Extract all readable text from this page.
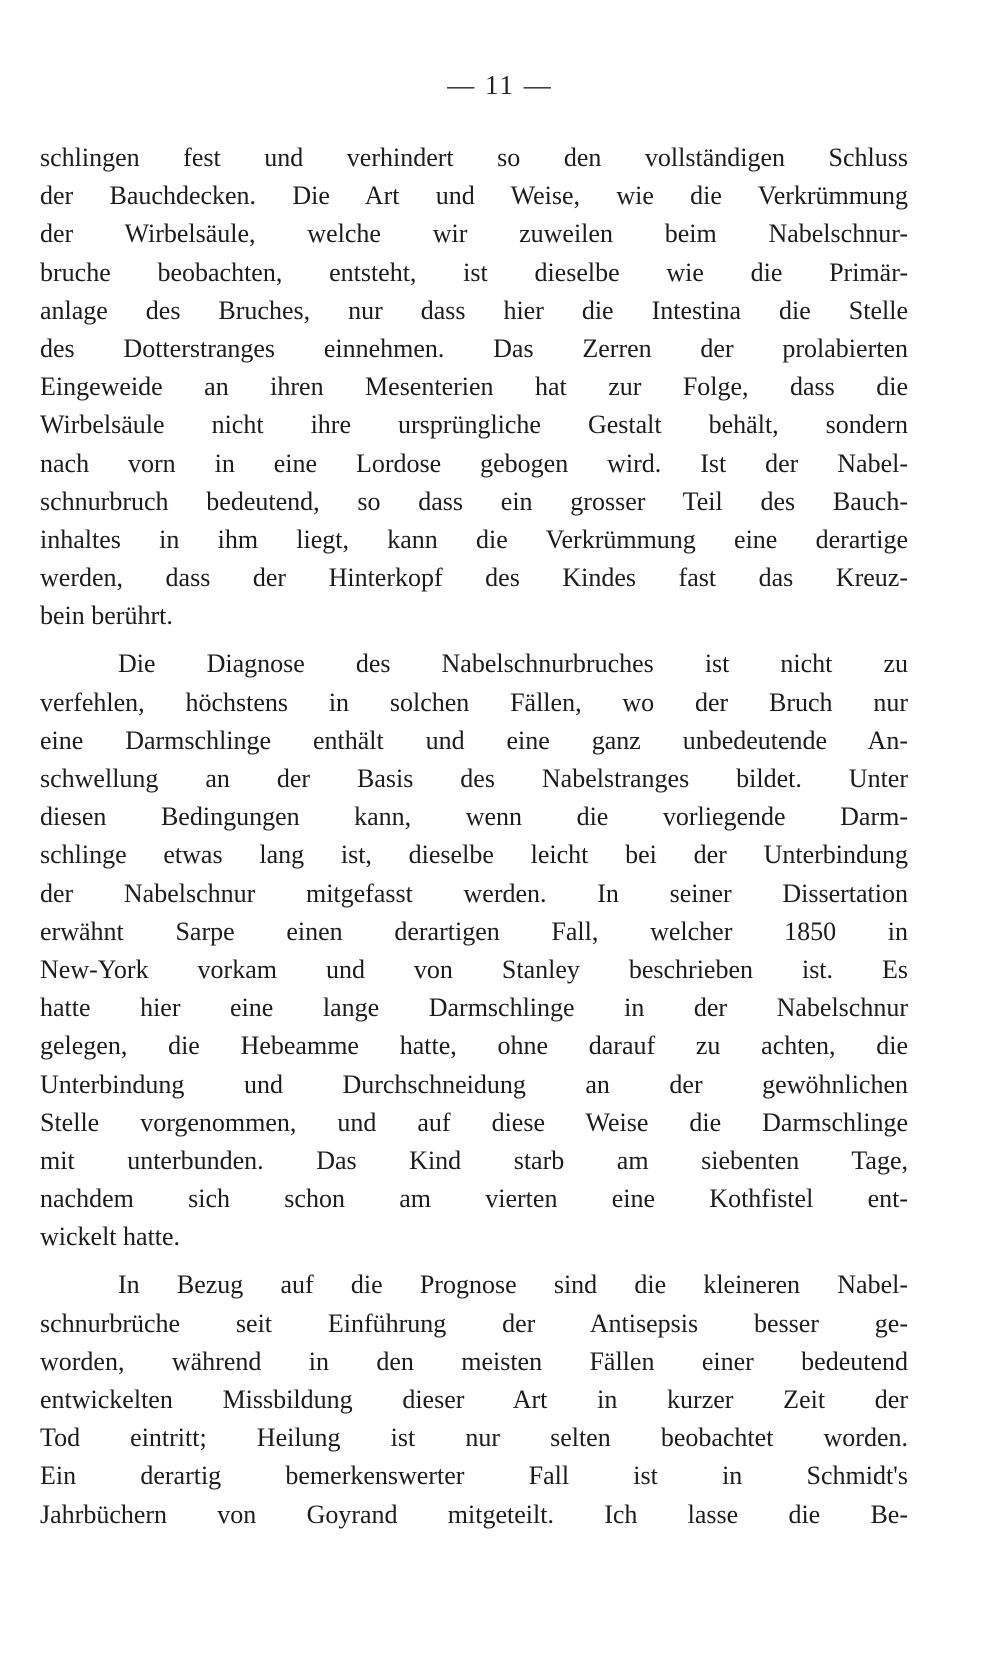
— 11 —
schlingen fest und verhindert so den vollständigen Schluss
der Bauchdecken. Die Art und Weise, wie die Verkrümmung
der Wirbelsäule, welche wir zuweilen beim Nabelschnur-
bruche beobachten, entsteht, ist dieselbe wie die Primär-
anlage des Bruches, nur dass hier die Intestina die Stelle
des Dotterstranges einnehmen. Das Zerren der prolabierten
Eingeweide an ihren Mesenterien hat zur Folge, dass die
Wirbelsäule nicht ihre ursprüngliche Gestalt behält, sondern
nach vorn in eine Lordose gebogen wird. Ist der Nabel-
schnurbruch bedeutend, so dass ein grosser Teil des Bauch-
inhaltes in ihm liegt, kann die Verkrümmung eine derartige
werden, dass der Hinterkopf des Kindes fast das Kreuz-
bein berührt.
Die Diagnose des Nabelschnurbruches ist nicht zu
verfehlen, höchstens in solchen Fällen, wo der Bruch nur
eine Darmschlinge enthält und eine ganz unbedeutende An-
schwellung an der Basis des Nabelstranges bildet. Unter
diesen Bedingungen kann, wenn die vorliegende Darm-
schlinge etwas lang ist, dieselbe leicht bei der Unterbindung
der Nabelschnur mitgefasst werden. In seiner Dissertation
erwähnt Sarpe einen derartigen Fall, welcher 1850 in
New-York vorkam und von Stanley beschrieben ist. Es
hatte hier eine lange Darmschlinge in der Nabelschnur
gelegen, die Hebeamme hatte, ohne darauf zu achten, die
Unterbindung und Durchschneidung an der gewöhnlichen
Stelle vorgenommen, und auf diese Weise die Darmschlinge
mit unterbunden. Das Kind starb am siebenten Tage,
nachdem sich schon am vierten eine Kothfistel ent-
wickelt hatte.
In Bezug auf die Prognose sind die kleineren Nabel-
schnurbrüche seit Einführung der Antisepsis besser ge-
worden, während in den meisten Fällen einer bedeutend
entwickelten Missbildung dieser Art in kurzer Zeit der
Tod eintritt; Heilung ist nur selten beobachtet worden.
Ein derartig bemerkenswerter Fall ist in Schmidt's
Jahrbüchern von Goyrand mitgeteilt. Ich lasse die Be-
